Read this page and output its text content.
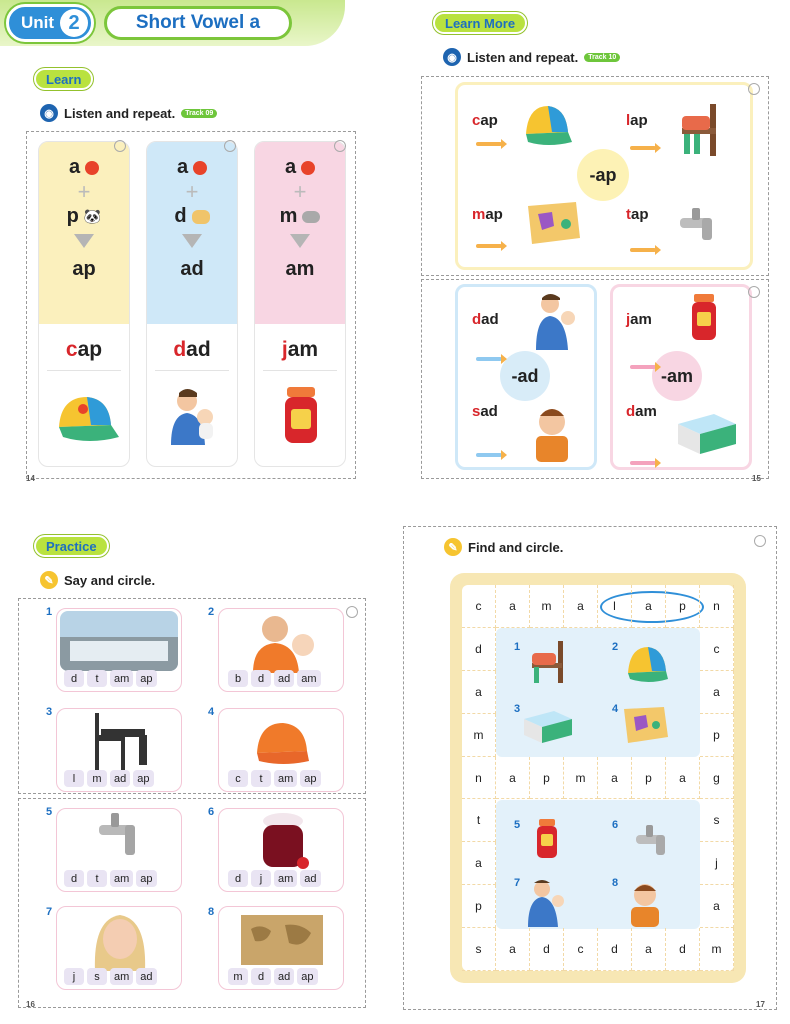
Unit 2	Short Vowel a
Learn
◉ Listen and repeat.	Track 09
a
+
p 🐼
ap
cap
a
+
d
ad
dad
a
+
m
am
jam
14
Learn More
◉ Listen and repeat.	Track 10
-ap
cap	lap
map	tap
-ad	-am
dad
sad
jam
dam
15
Practice
✎ Say and circle.
1
d	t	am	ap
2
b	d	ad	am
3
l	m	ad	ap
4
c	t	am	ap
5
d	t	am	ap
6
d	j	am	ad
7
j	s	am	ad
8
m	d	ad	ap
16
✎ Find and circle.
1	2
3	4
5	6
7	8
c	a	m	a	l	a	p	n
d	c
a	a
m	p
n	a	p	m	a	p	a	g
t	s
a	j
p	a
s	a	d	c	d	a	d	m
17
